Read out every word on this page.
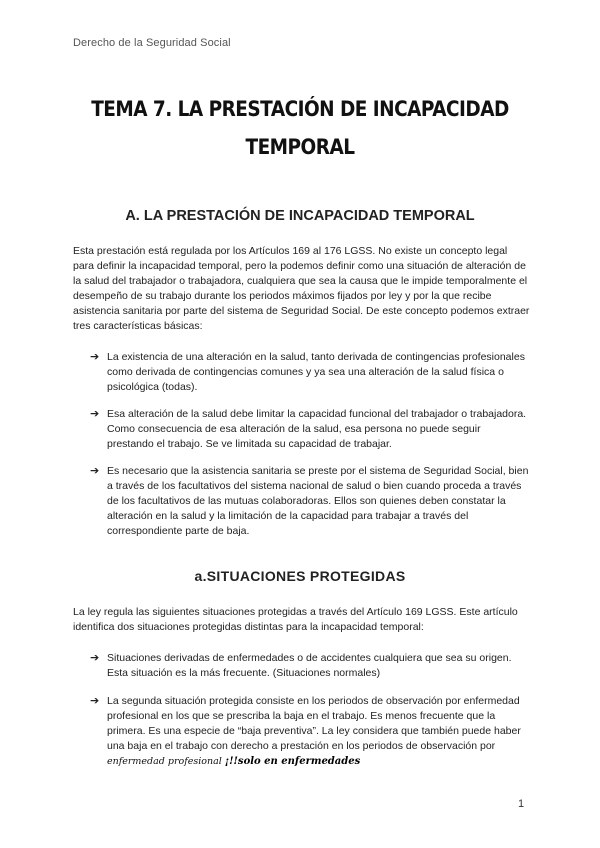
Derecho de la Seguridad Social
TEMA 7. LA PRESTACIÓN DE INCAPACIDAD
TEMPORAL
A. LA PRESTACIÓN DE INCAPACIDAD TEMPORAL
Esta prestación está regulada por los Artículos 169 al 176 LGSS. No existe un concepto legal para definir la incapacidad temporal, pero la podemos definir como una situación de alteración de la salud del trabajador o trabajadora, cualquiera que sea la causa que le impide temporalmente el desempeño de su trabajo durante los periodos máximos fijados por ley y por la que recibe asistencia sanitaria por parte del sistema de Seguridad Social. De este concepto podemos extraer tres características básicas:
➔ La existencia de una alteración en la salud, tanto derivada de contingencias profesionales como derivada de contingencias comunes y ya sea una alteración de la salud física o psicológica (todas).
➔ Esa alteración de la salud debe limitar la capacidad funcional del trabajador o trabajadora. Como consecuencia de esa alteración de la salud, esa persona no puede seguir prestando el trabajo. Se ve limitada su capacidad de trabajar.
➔ Es necesario que la asistencia sanitaria se preste por el sistema de Seguridad Social, bien a través de los facultativos del sistema nacional de salud o bien cuando proceda a través de los facultativos de las mutuas colaboradoras. Ellos son quienes deben constatar la alteración en la salud y la limitación de la capacidad para trabajar a través del correspondiente parte de baja.
a.SITUACIONES PROTEGIDAS
La ley regula las siguientes situaciones protegidas a través del Artículo 169 LGSS. Este artículo identifica dos situaciones protegidas distintas para la incapacidad temporal:
➔ Situaciones derivadas de enfermedades o de accidentes cualquiera que sea su origen. Esta situación es la más frecuente. (Situaciones normales)
➔ La segunda situación protegida consiste en los periodos de observación por enfermedad profesional en los que se prescriba la baja en el trabajo. Es menos frecuente que la primera. Es una especie de “baja preventiva”. La ley considera que también puede haber una baja en el trabajo con derecho a prestación en los periodos de observación por enfermedad profesional ¡!!solo en enfermedades
1
